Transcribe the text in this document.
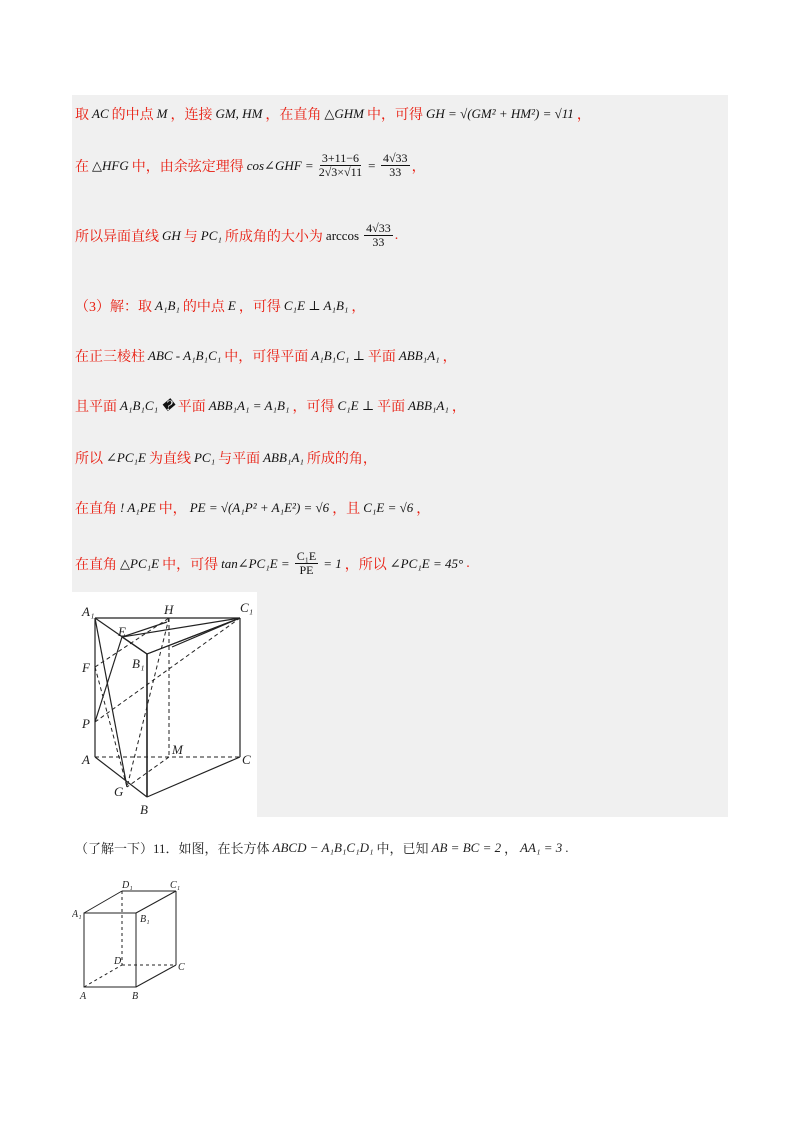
取 AC 的中点 M ，连接 GM, HM ，在直角 △GHM 中，可得 GH = √(GM² + HM²) = √11 ，
在 △HFG 中，由余弦定理得 cos∠GHF = $\frac{3+11-6}{2√3\times√11} = \frac{4√33}{33}$ ，
所以异面直线 GH 与 PC₁ 所成角的大小为 $\arccos \frac{4√33}{33}$ .
（3）解：取 A₁B₁ 的中点 E ，可得 C₁E ⊥ A₁B₁ ，
在正三棱柱 ABC - A₁B₁C₁ 中，可得平面 A₁B₁C₁ ⊥ 平面 ABB₁A₁ ，
且平面 A₁B₁C₁ � 平面 ABB₁A₁ = A₁B₁ ，可得 C₁E ⊥ 平面 ABB₁A₁ ，
所以 ∠PC₁E 为直线 PC₁ 与平面 ABB₁A₁ 所成的角，
在直角 ! A₁PE 中， PE = √(A₁P² + A₁E²) = √6 ，且 C₁E = √6 ，
在直角 △PC₁E 中，可得 tan∠PC₁E = $\frac{\text{C₁E}}{PE} = 1$ ，所以 ∠PC₁E = 45° .
A₁	H	C₁
E
B₁
F
P
M
A	C
G
B
（了解一下）11．如图，在长方体 ABCD − A₁B₁C₁D₁ 中，已知 AB = BC = 2 ， AA₁ = 3 .
D₁	C₁
A₁	B₁
D
C
A	B
